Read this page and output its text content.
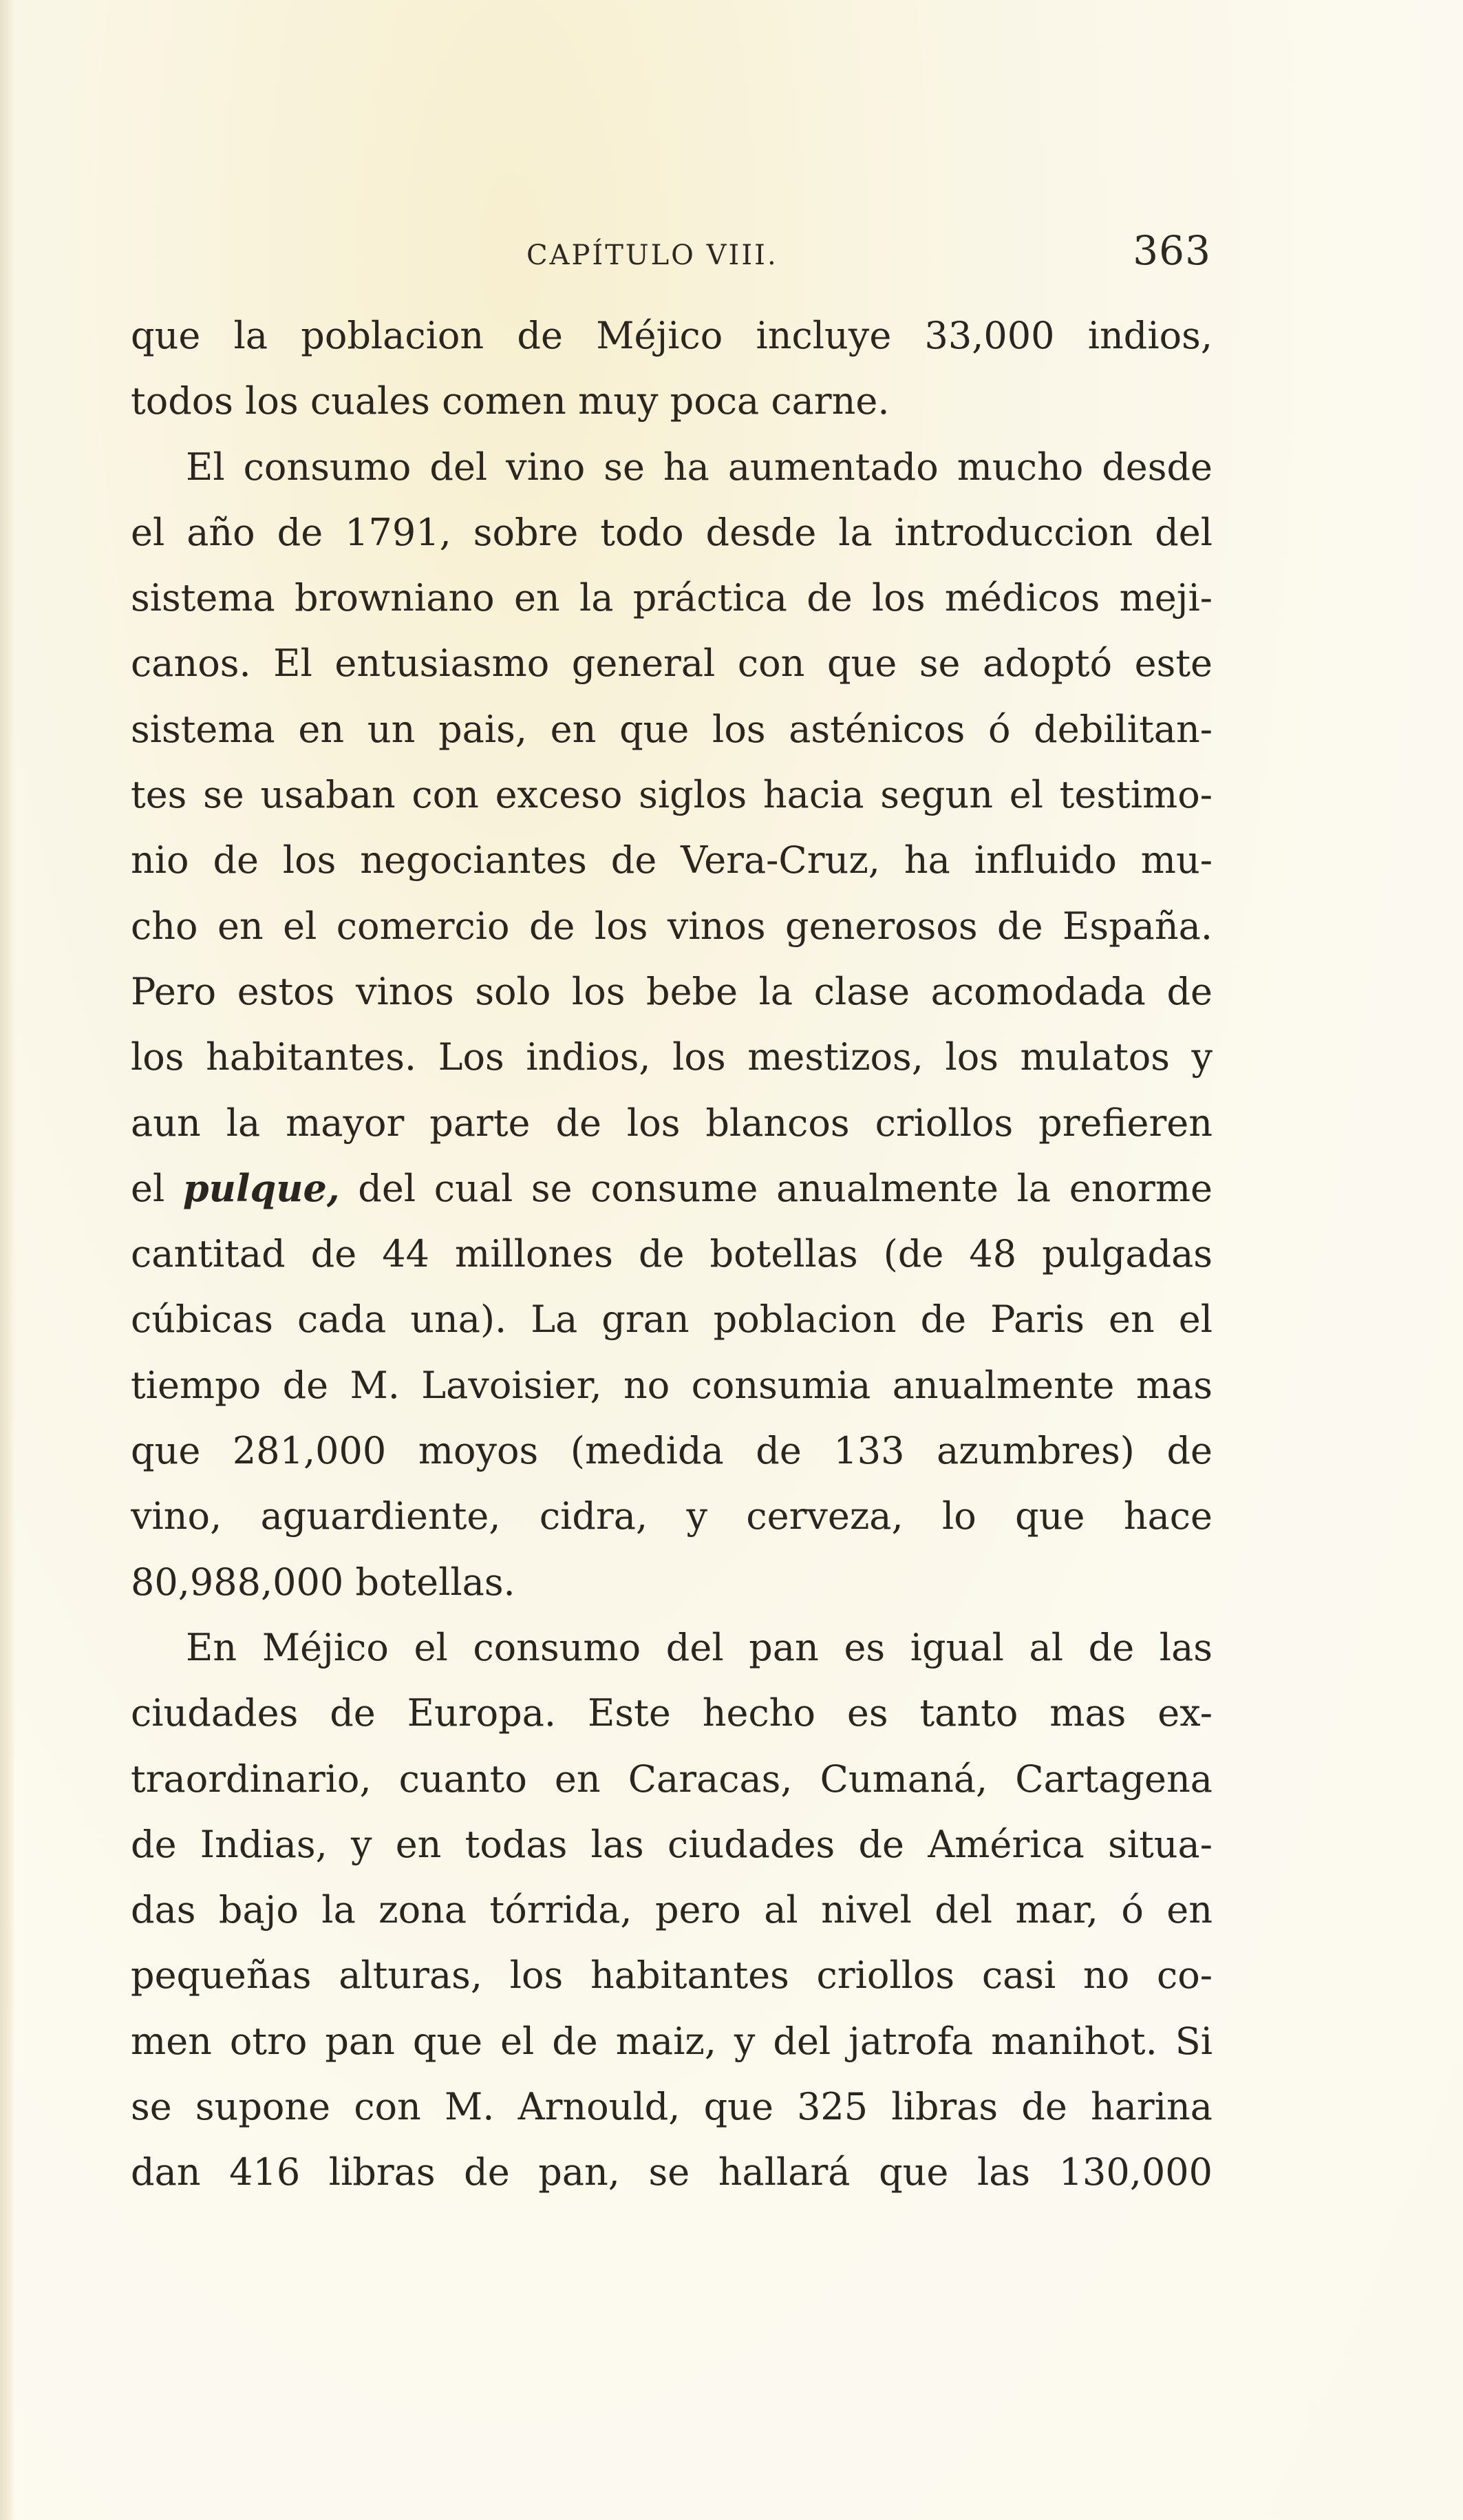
CAPÍTULO VIII.	363
que la poblacion de Méjico incluye 33,000 indios,
todos los cuales comen muy poca carne.
El consumo del vino se ha aumentado mucho desde
el año de 1791, sobre todo desde la introduccion del
sistema browniano en la práctica de los médicos meji-
canos. El entusiasmo general con que se adoptó este
sistema en un pais, en que los asténicos ó debilitan-
tes se usaban con exceso siglos hacia segun el testimo-
nio de los negociantes de Vera-Cruz, ha influido mu-
cho en el comercio de los vinos generosos de España.
Pero estos vinos solo los bebe la clase acomodada de
los habitantes. Los indios, los mestizos, los mulatos y
aun la mayor parte de los blancos criollos prefieren
el pulque, del cual se consume anualmente la enorme
cantitad de 44 millones de botellas (de 48 pulgadas
cúbicas cada una). La gran poblacion de Paris en el
tiempo de M. Lavoisier, no consumia anualmente mas
que 281,000 moyos (medida de 133 azumbres) de
vino, aguardiente, cidra, y cerveza, lo que hace
80,988,000 botellas.
En Méjico el consumo del pan es igual al de las
ciudades de Europa. Este hecho es tanto mas ex-
traordinario, cuanto en Caracas, Cumaná, Cartagena
de Indias, y en todas las ciudades de América situa-
das bajo la zona tórrida, pero al nivel del mar, ó en
pequeñas alturas, los habitantes criollos casi no co-
men otro pan que el de maiz, y del jatrofa manihot. Si
se supone con M. Arnould, que 325 libras de harina
dan 416 libras de pan, se hallará que las 130,000
